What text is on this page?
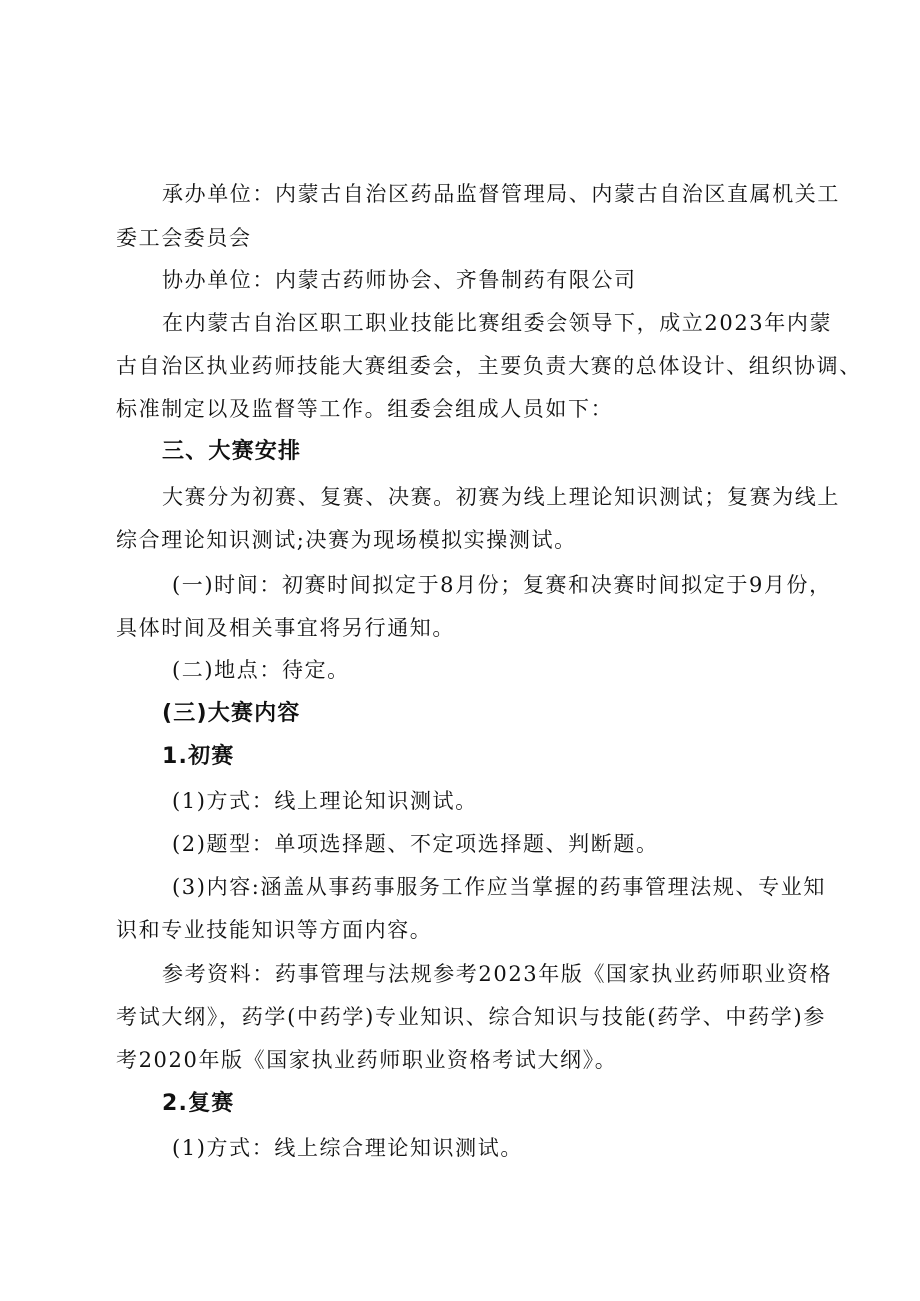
承办单位：内蒙古自治区药品监督管理局、内蒙古自治区直属机关工
委工会委员会
协办单位：内蒙古药师协会、齐鲁制药有限公司
在内蒙古自治区职工职业技能比赛组委会领导下，成立2023年内蒙
古自治区执业药师技能大赛组委会，主要负责大赛的总体设计、组织协调、
标准制定以及监督等工作。组委会组成人员如下：
三、大赛安排
大赛分为初赛、复赛、决赛。初赛为线上理论知识测试；复赛为线上
综合理论知识测试;决赛为现场模拟实操测试。
(一)时间：初赛时间拟定于8月份；复赛和决赛时间拟定于9月份，
具体时间及相关事宜将另行通知。
(二)地点：待定。
(三)大赛内容
1.初赛
(1)方式：线上理论知识测试。
(2)题型：单项选择题、不定项选择题、判断题。
(3)内容:涵盖从事药事服务工作应当掌握的药事管理法规、专业知
识和专业技能知识等方面内容。
参考资料：药事管理与法规参考2023年版《国家执业药师职业资格
考试大纲》，药学(中药学)专业知识、综合知识与技能(药学、中药学)参
考2020年版《国家执业药师职业资格考试大纲》。
2.复赛
(1)方式：线上综合理论知识测试。
